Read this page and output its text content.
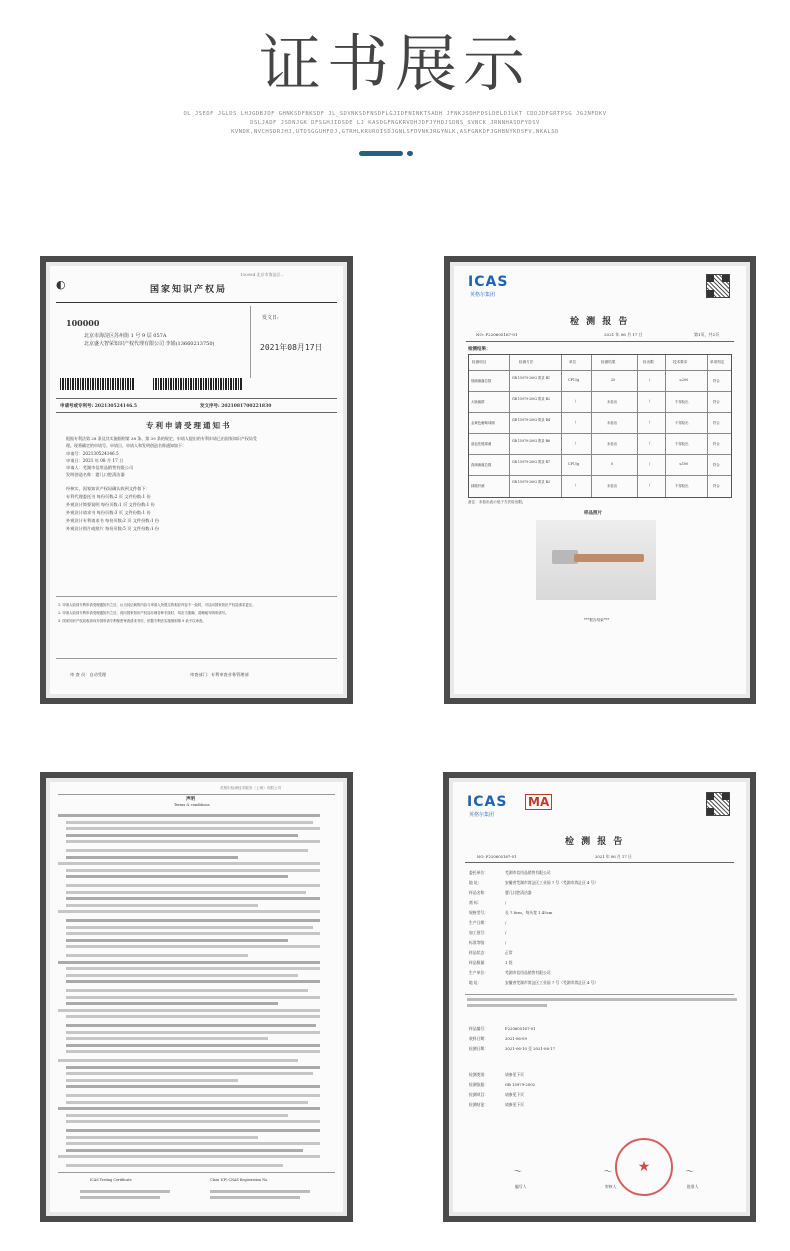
证书展示
OL JSEDF JGLDS LHJGDBJDF GHNKSDFBKSDF JL_SDVNKSDFNSDFLGJIDFNINKTSADH JFNKJSDHFDSLDELDJLKT CDDJDFGRTPSG JGJNFDKV
DSLJADF JSDNJGK DFSGHJIDSDE LJ KASDGFNGKRVDHJDFJYHDJSDNS_SVNCK JRNNHASDFYDSV
KVNDK,NVCHSDRJHJ,UTDSGGUHFDJ,GTRHLKRUROISDJGNLSFDVNKJRGYNLK,ASFGNKDFJGHBNYKDSFV,NKALSD
◐
100084 北京市海淀区...
国家知识产权局
100000
北京市海淀区苏州街 1 号 9 层 057A
北京盛大智荣知识产权代理有限公司 李娟(13660213750)
发文日:
2021年08月17日
申请号或专利号: 202130524146.5	发文序号: 2021081700221830
专利申请受理通知书
根据专利法第 28 条及其实施细则第 38 条、第 39 条的规定，申请人提出的专利申请已由国家知识产权局受
理。现将确定的申请号、申请日、申请人和发明创造名称通知如下：
申请号：202130524146.5
申请日：2021 年 08 月 17 日
申请人：芜湖市信用品销售有限公司
发明创造名称：婴儿口腔清洁器
经核实，国家知识产权局确认收到文件如下：
专利代理委托书 每份页数:2 页 文件份数:1 份
外观设计简要说明 每份页数:1 页 文件份数:1 份
外观设计请求书 每份页数:3 页 文件份数:1 份
外观设计专利请求书 每份页数:2 页 文件份数:1 份
外观设计图片或照片 每份页数:5 页 文件份数:1 份
1. 申请人收到专利申请受理通知书之后，认为其记载的内容与申请人所提交的相应内容不一致时，可以向国家知识产权局请求更正。
2. 申请人收到专利申请受理通知书之后，再向国家知识产权局办理各种手续时，均应当准确、清晰地写明申请号。
3. 国家知识产权局收到向外国申请专利保密审查请求书后，依据专利法实施细则第 9 条予以审查。
审 查 员：自动受理	审查部门：专利审查业务管理部
ICAS
英格尔集团
检 测 报 告
NO: F220605167-01	2021 年 06 月 17 日	第1页，共2页
检测结果：
检测项目	检测方法	单位	检测结果	检出限	技术要求	单项判定
细菌菌落总数
GB 15979-2002 附录 B1	CFU/g	20	/	≤200	符合
大肠菌群
GB 15979-2002 附录 B2	/	未检出	/	不得检出	符合
金黄色葡萄球菌
GB 15979-2002 附录 B4	/	未检出	/	不得检出	符合
溶血性链球菌
GB 15979-2002 附录 B6	/	未检出	/	不得检出	符合
真菌菌落总数
GB 15979-2002 附录 B7	CFU/g	0	/	≤100	符合
绿脓杆菌
GB 15979-2002 附录 B3
/	未检出	/	不得检出	符合
备注：未检出表示低于方法检出限。
样品照片
***报告结束***
英格尔检测技术服务（上海）有限公司
声明
Terms & conditions
ICAS Testing Certificate	Class 1(F) CNAS Registration No.
ICAS
英格尔集团
MA
检 测 报 告
NO: F220605167-01	2021 年 06 月 17 日
委托单位：	芜湖市信用品销售有限公司
地 址：	安徽省芜湖市湾沚区工业园 7 号（芜湖市湾沚区 4 号）
样品名称：	婴儿口腔清洁器
商 标：	/
规格型号：	长 7.8cm，每头宽 1.45cm
生产日期：	/
加工批号：	/
标准等级：	/
样品状态：	正常
样品数量：	1 袋
生产单位：	芜湖市信用品销售有限公司
地 址：	安徽省芜湖市湾沚区工业园 7 号（芜湖市湾沚区 4 号）
样品编号：	F220605167-01
收样日期：	2021-06-09
检测日期：	2021-06-10 至 2021-06-17
检测类别：	请参见下页
检测依据：	GB 15979-2002
检测项目：	请参见下页
检测结论：	请参见下页
〜	〜	〜
编写人	审核人	批准人
★
